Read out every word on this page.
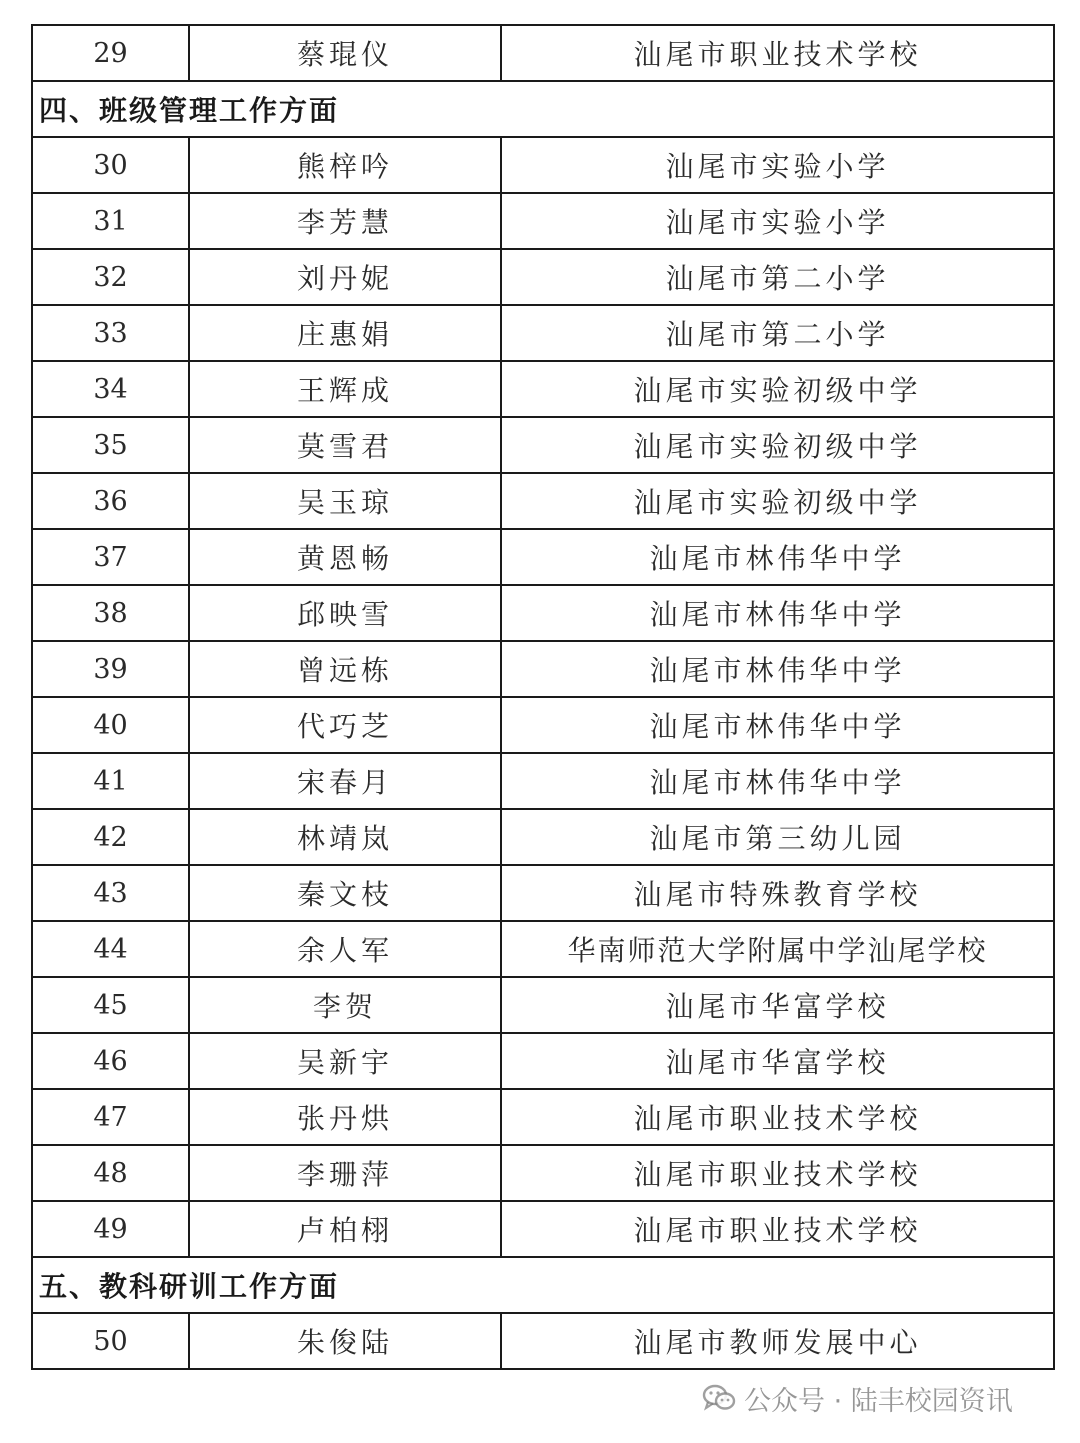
29	蔡琨仪	汕尾市职业技术学校
四、班级管理工作方面		
30	熊梓吟	汕尾市实验小学
31	李芳慧	汕尾市实验小学
32	刘丹妮	汕尾市第二小学
33	庄惠娟	汕尾市第二小学
34	王辉成	汕尾市实验初级中学
35	莫雪君	汕尾市实验初级中学
36	吴玉琼	汕尾市实验初级中学
37	黄恩畅	汕尾市林伟华中学
38	邱映雪	汕尾市林伟华中学
39	曾远栋	汕尾市林伟华中学
40	代巧芝	汕尾市林伟华中学
41	宋春月	汕尾市林伟华中学
42	林靖岚	汕尾市第三幼儿园
43	秦文枝	汕尾市特殊教育学校
44	余人军	华南师范大学附属中学汕尾学校
45	李贺	汕尾市华富学校
46	吴新宇	汕尾市华富学校
47	张丹烘	汕尾市职业技术学校
48	李珊萍	汕尾市职业技术学校
49	卢柏栩	汕尾市职业技术学校
五、教科研训工作方面		
50	朱俊陆	汕尾市教师发展中心
公众号 · 陆丰校园资讯
